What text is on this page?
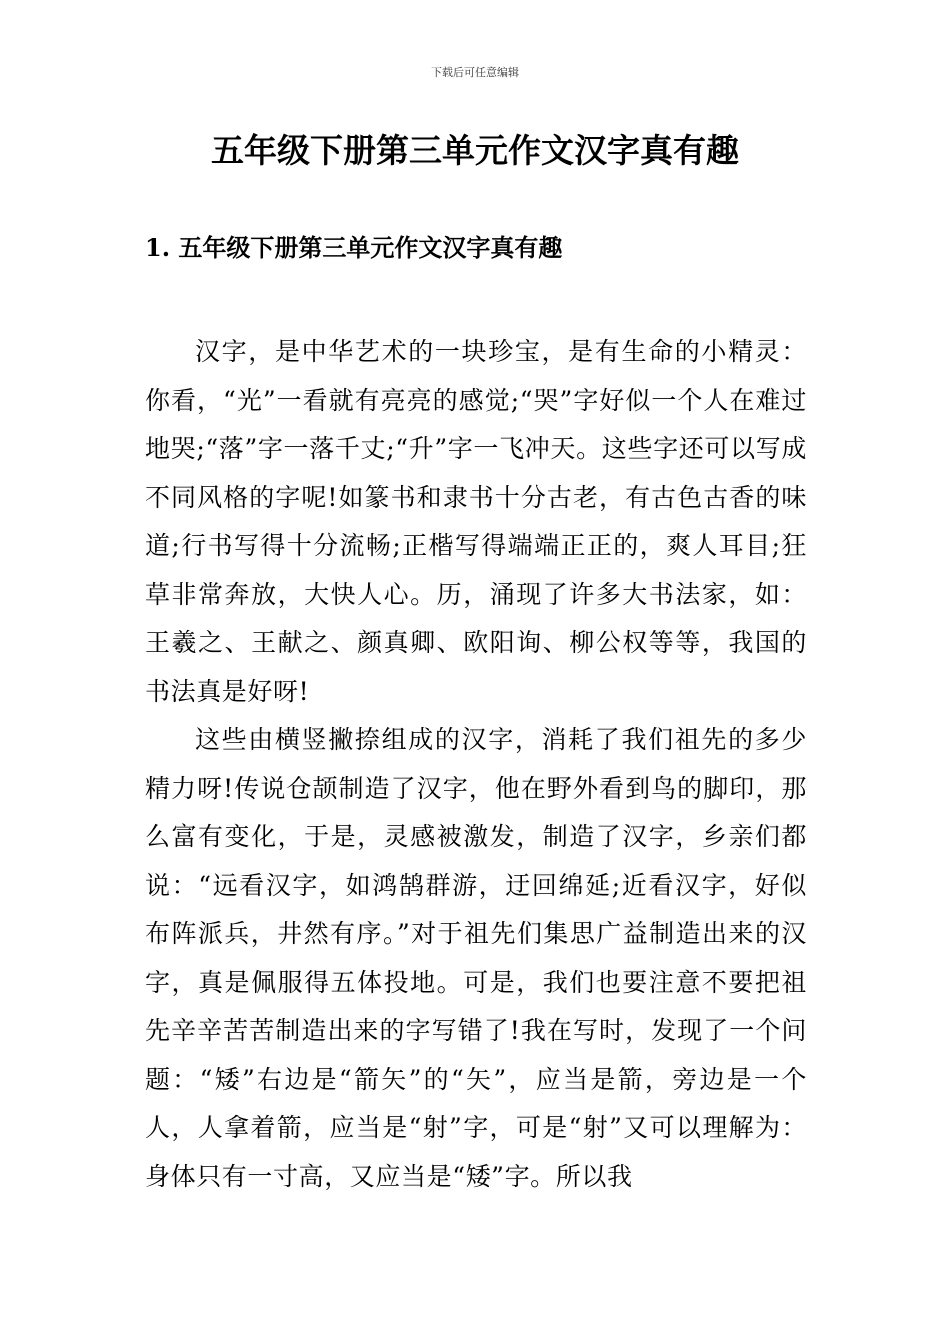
下载后可任意编辑
五年级下册第三单元作文汉字真有趣
1. 五年级下册第三单元作文汉字真有趣

汉字，是中华艺术的一块珍宝，是有生命的小精灵：你看，“光”一看就有亮亮的感觉;“哭”字好似一个人在难过地哭;“落”字一落千丈;“升”字一飞冲天。这些字还可以写成不同风格的字呢!如篆书和隶书十分古老，有古色古香的味道;行书写得十分流畅;正楷写得端端正正的，爽人耳目;狂草非常奔放，大快人心。历，涌现了许多大书法家，如：王羲之、王献之、颜真卿、欧阳询、柳公权等等，我国的书法真是好呀!

这些由横竖撇捺组成的汉字，消耗了我们祖先的多少精力呀!传说仓颉制造了汉字，他在野外看到鸟的脚印，那么富有变化，于是，灵感被激发，制造了汉字，乡亲们都说：“远看汉字，如鸿鹄群游，迂回绵延;近看汉字，好似布阵派兵，井然有序。”对于祖先们集思广益制造出来的汉字，真是佩服得五体投地。可是，我们也要注意不要把祖先辛辛苦苦制造出来的字写错了!我在写时，发现了一个问题：“矮”右边是“箭矢”的“矢”，应当是箭，旁边是一个人，人拿着箭，应当是“射”字，可是“射”又可以理解为：身体只有一寸高，又应当是“矮”字。所以我
